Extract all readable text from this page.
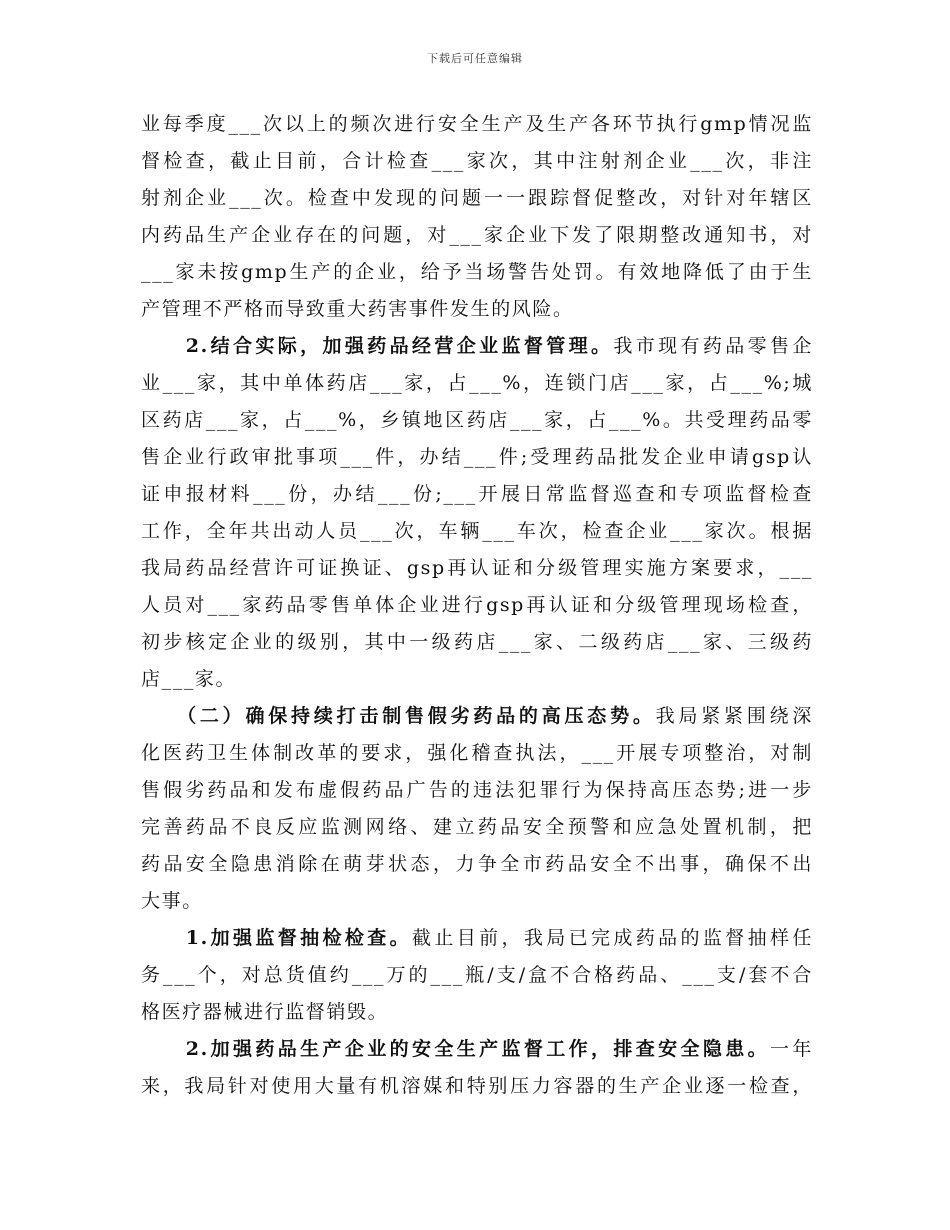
下载后可任意编辑

业每季度___次以上的频次进行安全生产及生产各环节执行gmp情况监
督检查，截止目前，合计检查___家次，其中注射剂企业___次，非注
射剂企业___次。检查中发现的问题一一跟踪督促整改，对针对年辖区
内药品生产企业存在的问题，对___家企业下发了限期整改通知书，对
___家未按gmp生产的企业，给予当场警告处罚。有效地降低了由于生
产管理不严格而导致重大药害事件发生的风险。

　　2.结合实际，加强药品经营企业监督管理。我市现有药品零售企
业___家，其中单体药店___家，占___%，连锁门店___家，占___%;城
区药店___家，占___%，乡镇地区药店___家，占___%。共受理药品零
售企业行政审批事项___件，办结___件;受理药品批发企业申请gsp认
证申报材料___份，办结___份;___开展日常监督巡查和专项监督检查
工作，全年共出动人员___次，车辆___车次，检查企业___家次。根据
我局药品经营许可证换证、gsp再认证和分级管理实施方案要求，___
人员对___家药品零售单体企业进行gsp再认证和分级管理现场检查，
初步核定企业的级别，其中一级药店___家、二级药店___家、三级药
店___家。

　　（二）确保持续打击制售假劣药品的高压态势。我局紧紧围绕深
化医药卫生体制改革的要求，强化稽查执法，___开展专项整治，对制
售假劣药品和发布虚假药品广告的违法犯罪行为保持高压态势;进一步
完善药品不良反应监测网络、建立药品安全预警和应急处置机制，把
药品安全隐患消除在萌芽状态，力争全市药品安全不出事，确保不出
大事。

　　1.加强监督抽检检查。截止目前，我局已完成药品的监督抽样任
务___个，对总货值约___万的___瓶/支/盒不合格药品、___支/套不合
格医疗器械进行监督销毁。

　　2.加强药品生产企业的安全生产监督工作，排查安全隐患。一年
来，我局针对使用大量有机溶媒和特别压力容器的生产企业逐一检查，
